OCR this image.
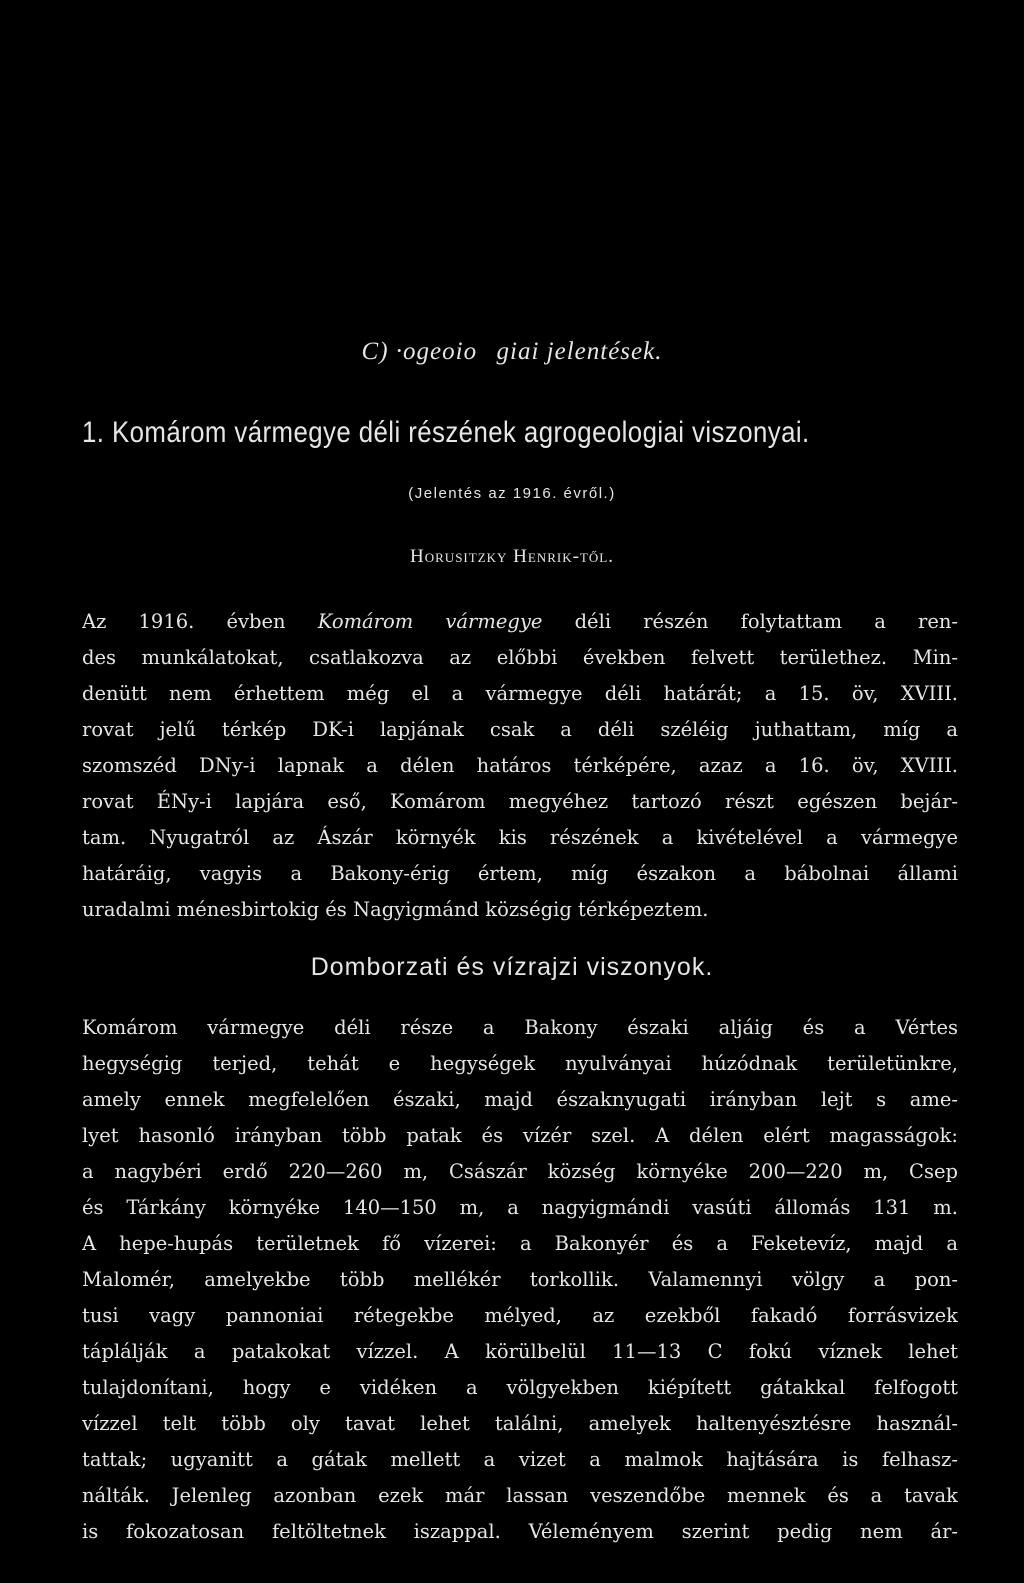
C) ·ogeoioٍgiai jelentések.
1. Komárom vármegye déli részének agrogeologiai viszonyai.
(Jelentés az 1916. évről.)
Horusitzky Henrik-től.
Az 1916. évben Komárom vármegye déli részén folytattam a ren-
des munkálatokat, csatlakozva az előbbi években felvett területhez. Min-
denütt nem érhettem még el a vármegye déli határát; a 15. öv, XVIII.
rovat jelű térkép DK-i lapjának csak a déli széléig juthattam, míg a
szomszéd DNy-i lapnak a délen határos térképére, azaz a 16. öv, XVIII.
rovat ÉNy-i lapjára eső, Komárom megyéhez tartozó részt egészen bejár-
tam. Nyugatról az Ászár környék kis részének a kivételével a vármegye
határáig, vagyis a Bakony-érig értem, míg északon a bábolnai állami
uradalmi ménesbirtokig és Nagyigmánd községig térképeztem.
Domborzati és vízrajzi viszonyok.
Komárom vármegye déli része a Bakony északi aljáig és a Vértes
hegységig terjed, tehát e hegységek nyulványai húzódnak területünkre,
amely ennek megfelelően északi, majd északnyugati irányban lejt s ame-
lyet hasonló irányban több patak és vízér szel. A délen elért magasságok:
a nagybéri erdő 220—260 m, Császár község környéke 200—220 m, Csep
és Tárkány környéke 140—150 m, a nagyigmándi vasúti állomás 131 m.
A hepe-hupás területnek fő vízerei: a Bakonyér és a Feketevíz, majd a
Malomér, amelyekbe több mellékér torkollik. Valamennyi völgy a pon-
tusi vagy pannoniai rétegekbe mélyed, az ezekből fakadó forrásvizek
táplálják a patakokat vízzel. A körülbelül 11—13 C fokú víznek lehet
tulajdonítani, hogy e vidéken a völgyekben kiépített gátakkal felfogott
vízzel telt több oly tavat lehet találni, amelyek haltenyésztésre használ-
tattak; ugyanitt a gátak mellett a vizet a malmok hajtására is felhasz-
nálták. Jelenleg azonban ezek már lassan veszendőbe mennek és a tavak
is fokozatosan feltöltetnek iszappal. Véleményem szerint pedig nem ár-
